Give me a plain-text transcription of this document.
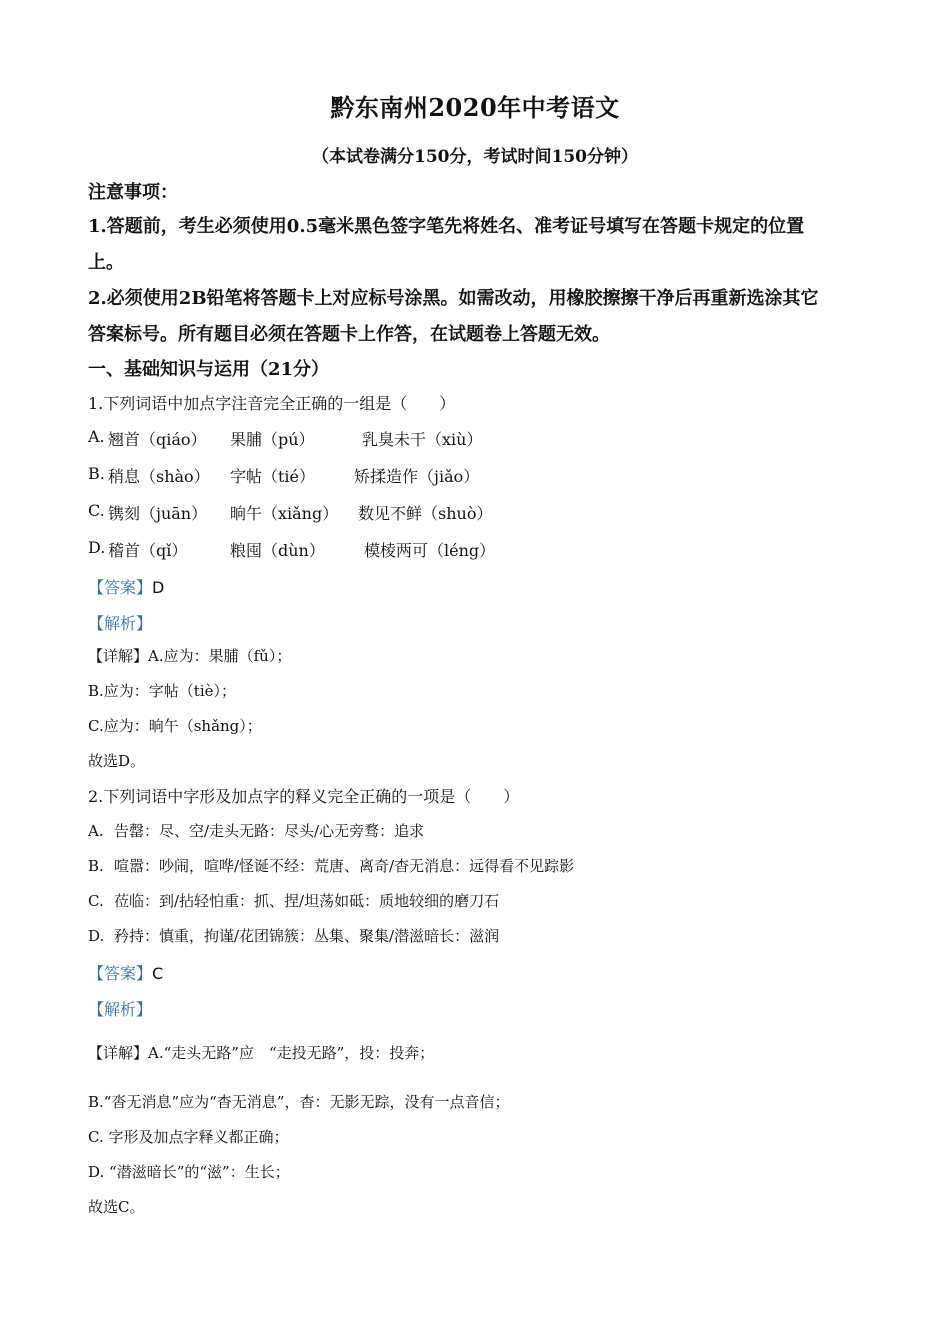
黔东南州2020年中考语文
（本试卷满分150分，考试时间150分钟）
注意事项：
1.答题前，考生必须使用0.5毫米黑色签字笔先将姓名、准考证号填写在答题卡规定的位置
上。
2.必须使用2B铅笔将答题卡上对应标号涂黑。如需改动，用橡胶擦擦干净后再重新选涂其它
答案标号。所有题目必须在答题卡上作答，在试题卷上答题无效。
一、基础知识与运用（21分）
1.下列词语中加点字注音完全正确的一组是（　　）
A. 翘首（qiáo） 果脯（pú）	乳臭未干（xiù）
B. 稍息（shào） 字帖（tié） 矫揉造作（jiǎo）
C. 镌刻（juān） 晌午（xiǎng） 数见不鲜（shuò）
D. 稽首（qǐ）	粮囤（dùn） 模棱两可（léng）
【答案】D
【解析】
【详解】A.应为：果脯（fǔ）；
B.应为：字帖（tiè）；
C.应为：晌午（shǎng）；
故选D。
2.下列词语中字形及加点字的释义完全正确的一项是（　　）
A. 告罄：尽、空/走头无路：尽头/心无旁骛：追求
B. 喧嚣：吵闹，喧哗/怪诞不经：荒唐、离奇/杳无消息：远得看不见踪影
C. 莅临：到/拈轻怕重：抓、捏/坦荡如砥：质地较细的磨刀石
D. 矜持：慎重，拘谨/花团锦簇：丛集、聚集/潜滋暗长：滋润
【答案】C
【解析】
【详解】A.“走头无路”应　“走投无路”，投：投奔；
B.“沓无消息”应为“杳无消息”，杳：无影无踪，没有一点音信；
C. 字形及加点字释义都正确；
D. “潜滋暗长”的“滋”：生长；
故选C。
